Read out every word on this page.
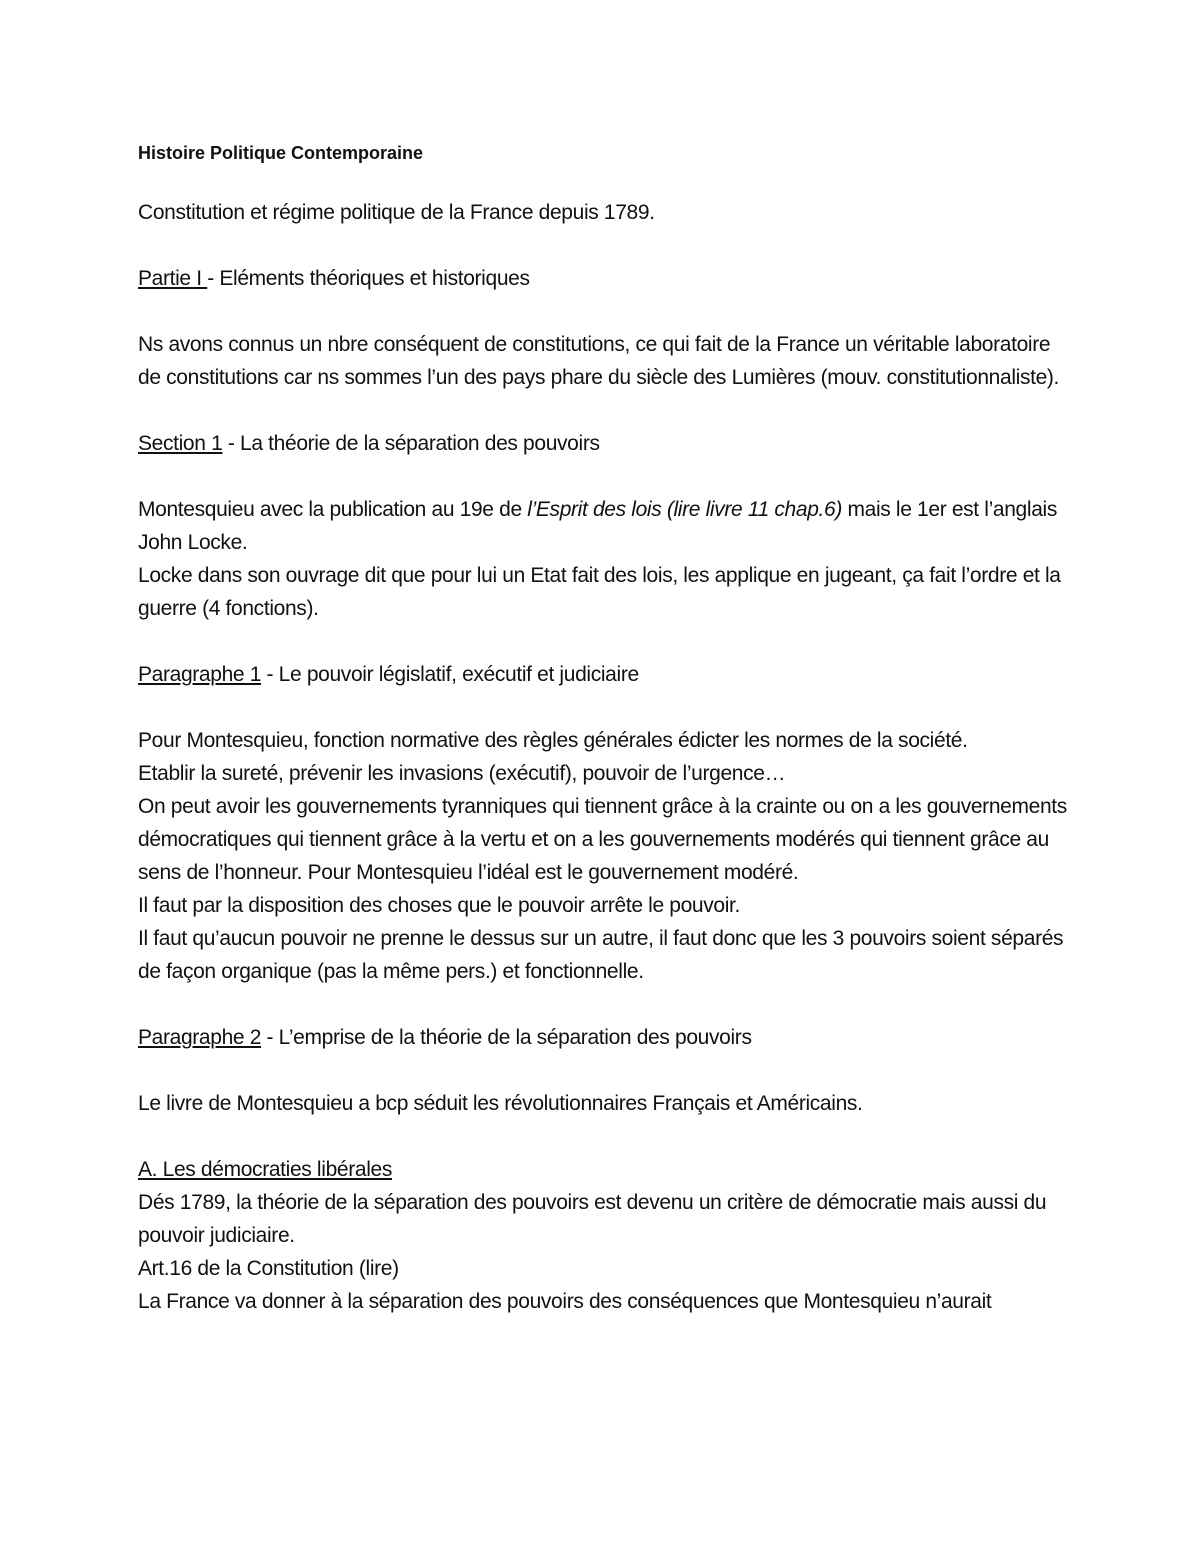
Histoire Politique Contemporaine

Constitution et régime politique de la France depuis 1789.

Partie I - Eléments théoriques et historiques

Ns avons connus un nbre conséquent de constitutions, ce qui fait de la France un véritable laboratoire de constitutions car ns sommes l’un des pays phare du siècle des Lumières (mouv. constitutionnaliste).

Section 1 - La théorie de la séparation des pouvoirs

Montesquieu avec la publication au 19e de l’Esprit des lois (lire livre 11 chap.6) mais le 1er est l’anglais John Locke.

Locke dans son ouvrage dit que pour lui un Etat fait des lois, les applique en jugeant, ça fait l’ordre et la guerre (4 fonctions).

Paragraphe 1 - Le pouvoir législatif, exécutif et judiciaire

Pour Montesquieu, fonction normative des règles générales édicter les normes de la société.

Etablir la sureté, prévenir les invasions (exécutif), pouvoir de l’urgence…

On peut avoir les gouvernements tyranniques qui tiennent grâce à la crainte ou on a les gouvernements démocratiques qui tiennent grâce à la vertu et on a les gouvernements modérés qui tiennent grâce au sens de l’honneur. Pour Montesquieu l’idéal est le gouvernement modéré.

Il faut par la disposition des choses que le pouvoir arrête le pouvoir.

Il faut qu’aucun pouvoir ne prenne le dessus sur un autre, il faut donc que les 3 pouvoirs soient séparés de façon organique (pas la même pers.) et fonctionnelle.

Paragraphe 2 - L’emprise de la théorie de la séparation des pouvoirs

Le livre de Montesquieu a bcp séduit les révolutionnaires Français et Américains.

A. Les démocraties libérales

Dés 1789, la théorie de la séparation des pouvoirs est devenu un critère de démocratie mais aussi du pouvoir judiciaire.

Art.16 de la Constitution (lire)

La France va donner à la séparation des pouvoirs des conséquences que Montesquieu n’aurait
